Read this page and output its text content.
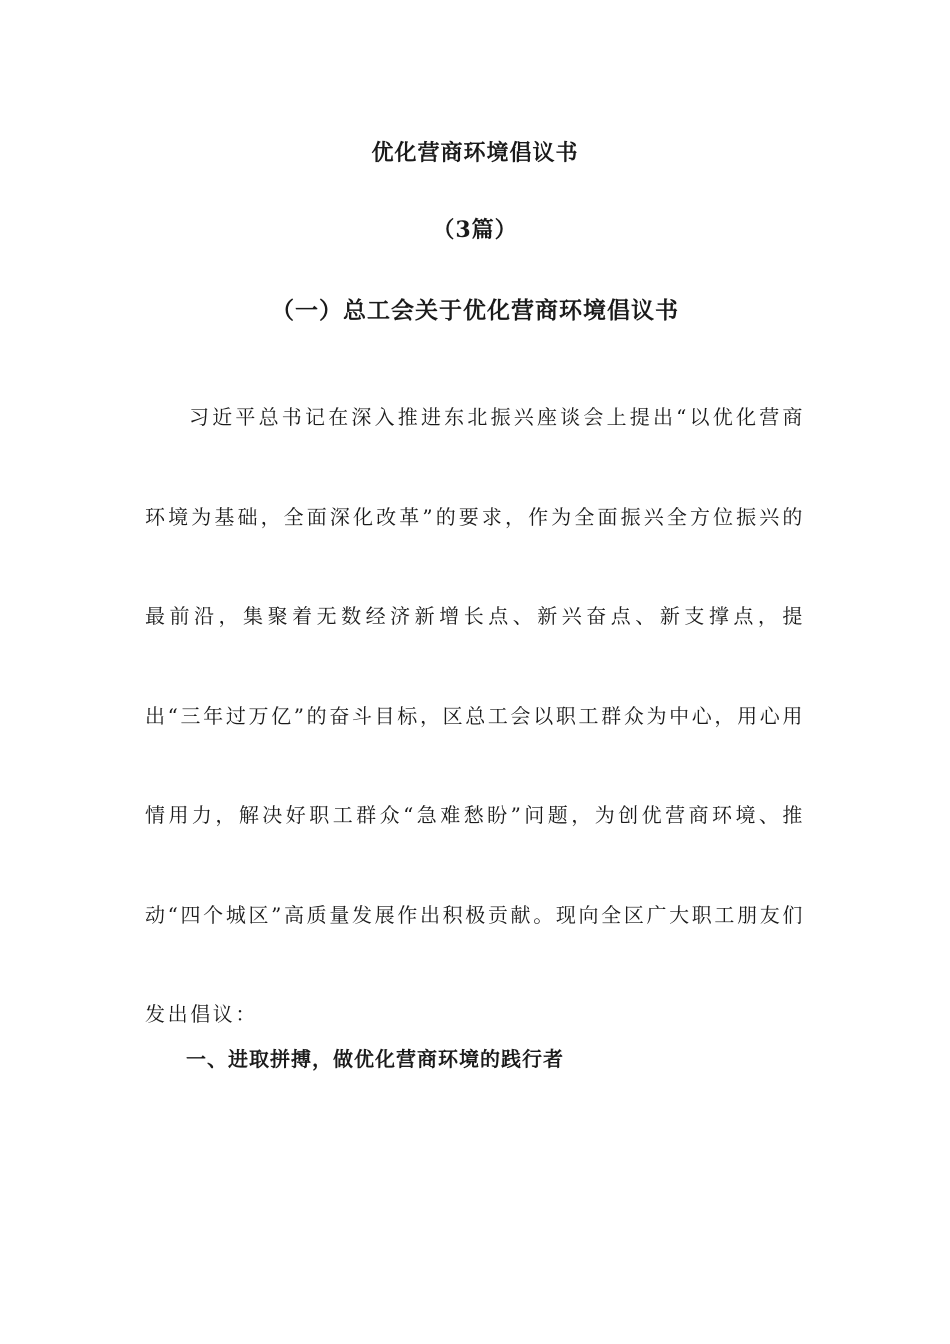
优化营商环境倡议书
（3篇）
（一）总工会关于优化营商环境倡议书

习近平总书记在深入推进东北振兴座谈会上提出“以优化营商环境为基础，全面深化改革”的要求，作为全面振兴全方位振兴的最前沿，集聚着无数经济新增长点、新兴奋点、新支撑点，提出“三年过万亿”的奋斗目标，区总工会以职工群众为中心，用心用情用力，解决好职工群众“急难愁盼”问题，为创优营商环境、推动“四个城区”高质量发展作出积极贡献。现向全区广大职工朋友们发出倡议：

一、进取拼搏，做优化营商环境的践行者
